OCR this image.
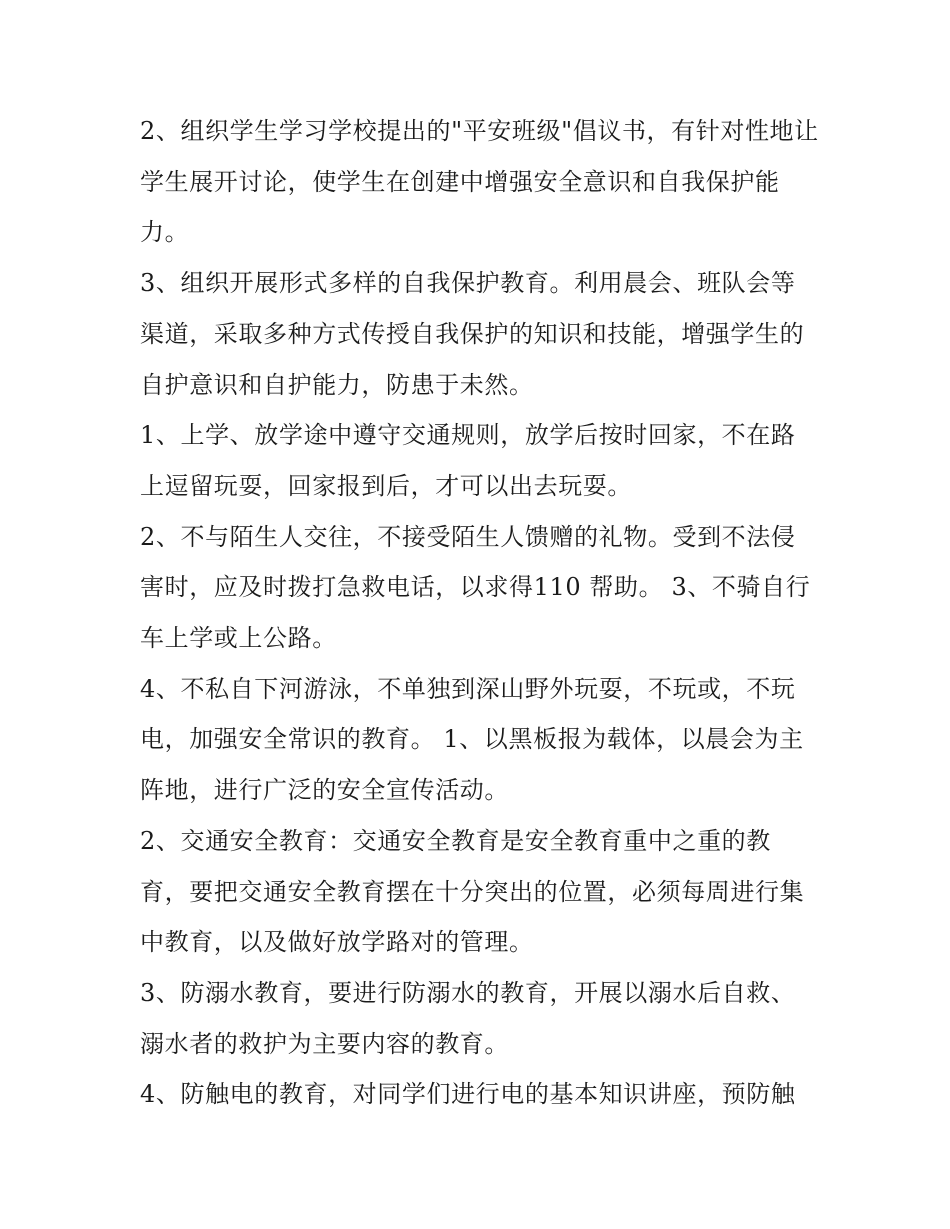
2、组织学生学习学校提出的"平安班级"倡议书，有针对性地让学生展开讨论，使学生在创建中增强安全意识和自我保护能力。

3、组织开展形式多样的自我保护教育。利用晨会、班队会等渠道，采取多种方式传授自我保护的知识和技能，增强学生的自护意识和自护能力，防患于未然。

1、上学、放学途中遵守交通规则，放学后按时回家，不在路上逗留玩耍，回家报到后，才可以出去玩耍。

2、不与陌生人交往，不接受陌生人馈赠的礼物。受到不法侵害时，应及时拨打急救电话，以求得110 帮助。 3、不骑自行车上学或上公路。

4、不私自下河游泳，不单独到深山野外玩耍，不玩或，不玩电，加强安全常识的教育。 1、以黑板报为载体，以晨会为主阵地，进行广泛的安全宣传活动。

2、交通安全教育：交通安全教育是安全教育重中之重的教育，要把交通安全教育摆在十分突出的位置，必须每周进行集中教育，以及做好放学路对的管理。

3、防溺水教育，要进行防溺水的教育，开展以溺水后自救、溺水者的救护为主要内容的教育。

4、防触电的教育，对同学们进行电的基本知识讲座，预防触
